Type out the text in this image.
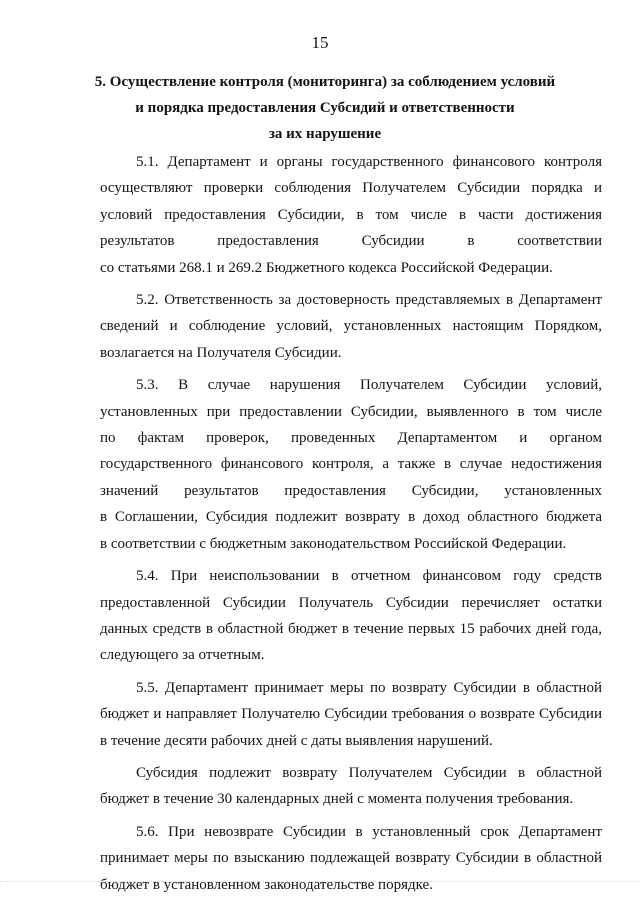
15
5. Осуществление контроля (мониторинга) за соблюдением условий
и порядка предоставления Субсидий и ответственности
за их нарушение
5.1. Департамент и органы государственного финансового контроля
осуществляют проверки соблюдения Получателем Субсидии порядка и
условий предоставления Субсидии, в том числе в части достижения
результатов предоставления Субсидии в соответствии
со статьями 268.1 и 269.2 Бюджетного кодекса Российской Федерации.
5.2. Ответственность за достоверность представляемых в Департамент
сведений и соблюдение условий, установленных настоящим Порядком,
возлагается на Получателя Субсидии.
5.3. В случае нарушения Получателем Субсидии условий,
установленных при предоставлении Субсидии, выявленного в том числе
по фактам проверок, проведенных Департаментом и органом
государственного финансового контроля, а также в случае недостижения
значений результатов предоставления Субсидии, установленных
в Соглашении, Субсидия подлежит возврату в доход областного бюджета
в соответствии с бюджетным законодательством Российской Федерации.
5.4. При неиспользовании в отчетном финансовом году средств
предоставленной Субсидии Получатель Субсидии перечисляет остатки
данных средств в областной бюджет в течение первых 15 рабочих дней года,
следующего за отчетным.
5.5. Департамент принимает меры по возврату Субсидии в областной
бюджет и направляет Получателю Субсидии требования о возврате Субсидии
в течение десяти рабочих дней с даты выявления нарушений.
Субсидия подлежит возврату Получателем Субсидии в областной
бюджет в течение 30 календарных дней с момента получения требования.
5.6. При невозврате Субсидии в установленный срок Департамент
принимает меры по взысканию подлежащей возврату Субсидии в областной
бюджет в установленном законодательстве порядке.
